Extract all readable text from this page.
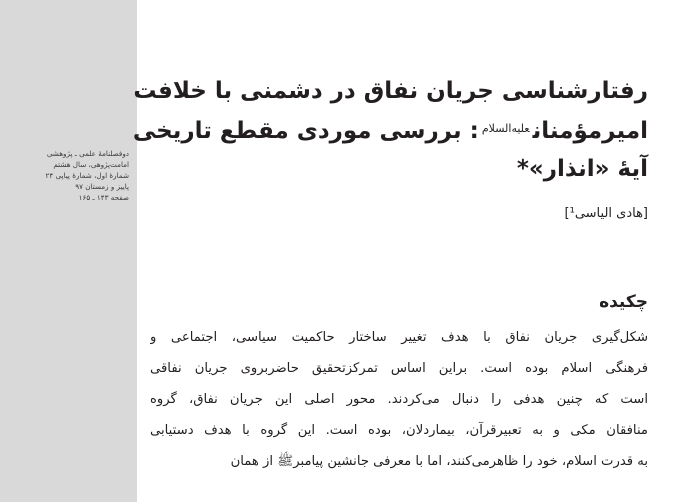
دوفصلنامهٔ علمی ـ پژوهشی
امامت‌پژوهی، سال هشتم
شمارهٔ اول، شمارهٔ پیاپی ۲۴
پاییز و زمستان ۹۷
صفحه ۱۴۳ ـ ۱۶۵
رفتارشناسی جریان نفاق در دشمنی با خلافت
امیرمؤمنان$^{علیه‌السلام}$: بررسی موردی مقطع تاریخی
آیهٔ «انذار»*
[هادی الیاسی¹]
چکیده
شکل‌گیری جریان نفاق با هدف تغییر ساختار حاکمیت سیاسی، اجتماعی و
فرهنگی اسلام بوده است. براین اساس تمرکزتحقیق حاضربروی جریان نفاقی
است که چنین هدفی را دنبال می‌کردند. محور اصلی این جریان نفاق، گروه
منافقان مکی و به تعبیرقرآن، بیماردلان، بوده است. این گروه با هدف دستیابی
به قدرت اسلام، خود را ظاهرمی‌کنند، اما با معرفی جانشین پیامبرﷺ از همان
